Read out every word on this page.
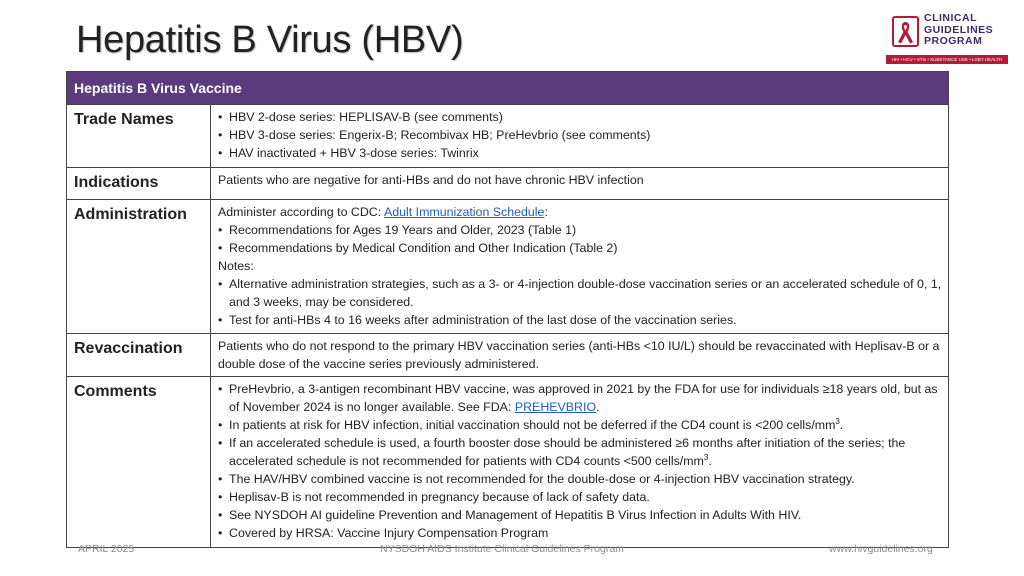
Hepatitis B Virus (HBV)
CLINICAL
GUIDELINES
PROGRAM
HIV • HCV • STIs • SUBSTANCE USE • LGBT HEALTH
Hepatitis B Virus Vaccine
Trade Names	• HBV 2-dose series: HEPLISAV-B (see comments)
• HBV 3-dose series: Engerix-B; Recombivax HB; PreHevbrio (see comments)
• HAV inactivated + HBV 3-dose series: Twinrix
Indications	Patients who are negative for anti-HBs and do not have chronic HBV infection
Administration	Administer according to CDC: Adult Immunization Schedule:
• Recommendations for Ages 19 Years and Older, 2023 (Table 1)
• Recommendations by Medical Condition and Other Indication (Table 2)
Notes:
• Alternative administration strategies, such as a 3- or 4-injection double-dose vaccination series or an accelerated schedule of 0, 1, and 3 weeks, may be considered.
• Test for anti-HBs 4 to 16 weeks after administration of the last dose of the vaccination series.
Revaccination	Patients who do not respond to the primary HBV vaccination series (anti-HBs <10 IU/L) should be revaccinated with Heplisav-B or a double dose of the vaccine series previously administered.
Comments	• PreHevbrio, a 3-antigen recombinant HBV vaccine, was approved in 2021 by the FDA for use for individuals ≥18 years old, but as of November 2024 is no longer available. See FDA: PREHEVBRIO.
• In patients at risk for HBV infection, initial vaccination should not be deferred if the CD4 count is <200 cells/$mm^3$.
• If an accelerated schedule is used, a fourth booster dose should be administered ≥6 months after initiation of the series; the accelerated schedule is not recommended for patients with CD4 counts <500 cells/$mm^3$.
• The HAV/HBV combined vaccine is not recommended for the double-dose or 4-injection HBV vaccination strategy.
• Heplisav-B is not recommended in pregnancy because of lack of safety data.
• See NYSDOH AI guideline Prevention and Management of Hepatitis B Virus Infection in Adults With HIV.
• Covered by HRSA: Vaccine Injury Compensation Program
APRIL 2025	NYSDOH AIDS Institute Clinical Guidelines Program	www.hivguidelines.org
